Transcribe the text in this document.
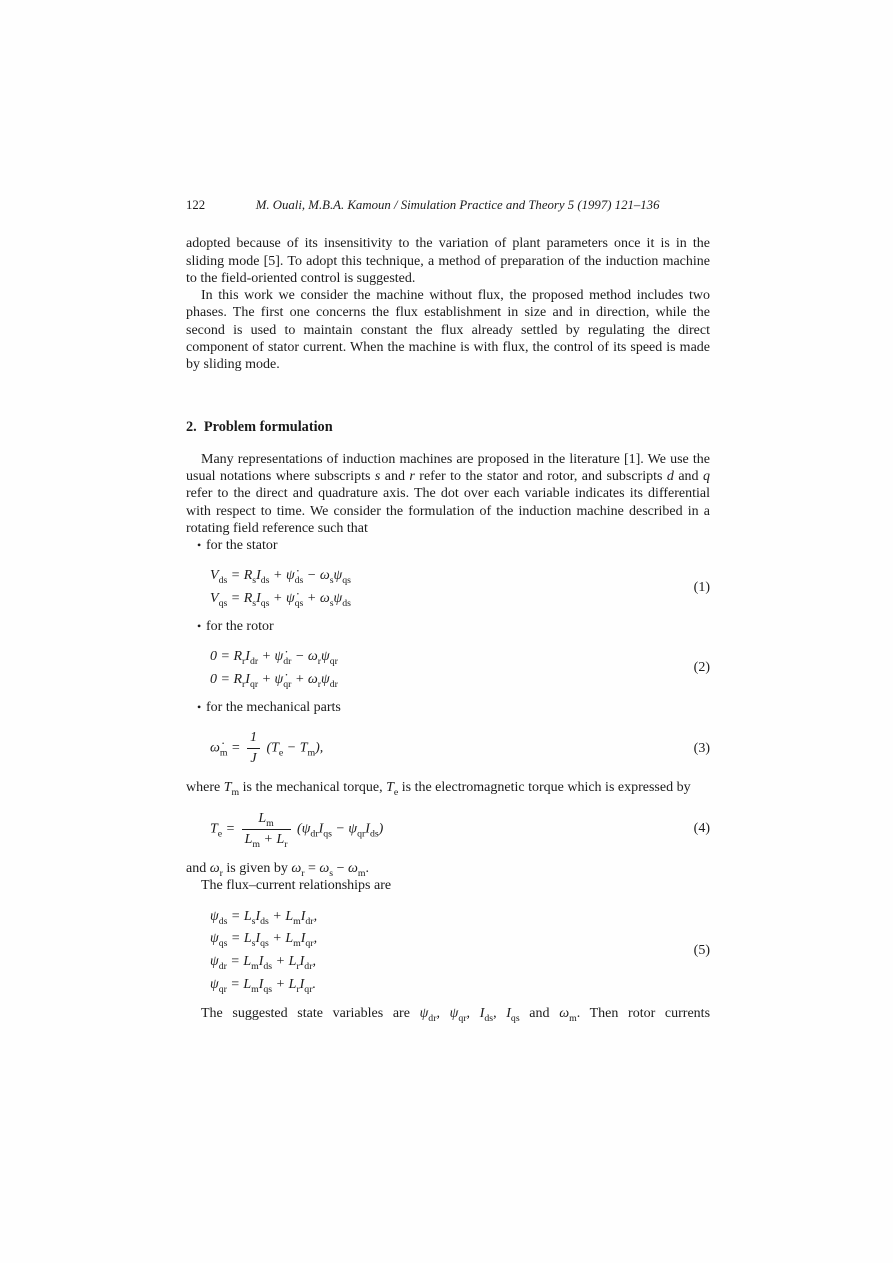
122	M. Ouali, M.B.A. Kamoun / Simulation Practice and Theory 5 (1997) 121–136

adopted because of its insensitivity to the variation of plant parameters once it is in the sliding mode [5]. To adopt this technique, a method of preparation of the induction machine to the field-oriented control is suggested.

In this work we consider the machine without flux, the proposed method includes two phases. The first one concerns the flux establishment in size and in direction, while the second is used to maintain constant the flux already settled by regulating the direct component of stator current. When the machine is with flux, the control of its speed is made by sliding mode.

2.  Problem formulation

Many representations of induction machines are proposed in the literature [1]. We use the usual notations where subscripts s and r refer to the stator and rotor, and subscripts d and q refer to the direct and quadrature axis. The dot over each variable indicates its differential with respect to time. We consider the formulation of the induction machine described in a rotating field reference such that

• for the stator

$V_{ds} = R_sI_{ds}$ + $\psi̇_{ds} - \omega_s\psi_{qs}$
$V_{qs} = R_sI_{qs}$ + $\psi̇_{qs} + \omega_s\psi_{ds}$
(1)

• for the rotor

$0 = R_rI_{dr}$ + $\psi̇_{dr} - \omega_r\psi_{qr}$
$0 = R_rI_{qr}$ + $\psi̇_{qr} + \omega_r\psi_{dr}$
(2)

• for the mechanical parts

$\omegȧ_m = \frac{1}{J} (T_e - T_m)$,	(3)

where $T_m$ is the mechanical torque, $T_e$ is the electromagnetic torque which is expressed by

$T_e = \frac{L_m}{L_m + L_r} (\psi_{dr}I_{qs} - \psi_{qr}I_{ds})$	(4)

and $\omega_r$ is given by $\omega_r = \omega_s - \omega_m$.

The flux–current relationships are

$\psi_{ds} = L_sI_{ds} + L_mI_{dr}$,
$\psi_{qs} = L_sI_{qs} + L_mI_{qr}$,
$\psi_{dr} = L_mI_{ds} + L_rI_{dr}$,
$\psi_{qr} = L_mI_{qs} + L_rI_{qr}$.
(5)

The suggested state variables are $\psi_{dr}$, $\psi_{qr}$, $I_{ds}$, $I_{qs}$ and $\omega_m$. Then rotor currents
